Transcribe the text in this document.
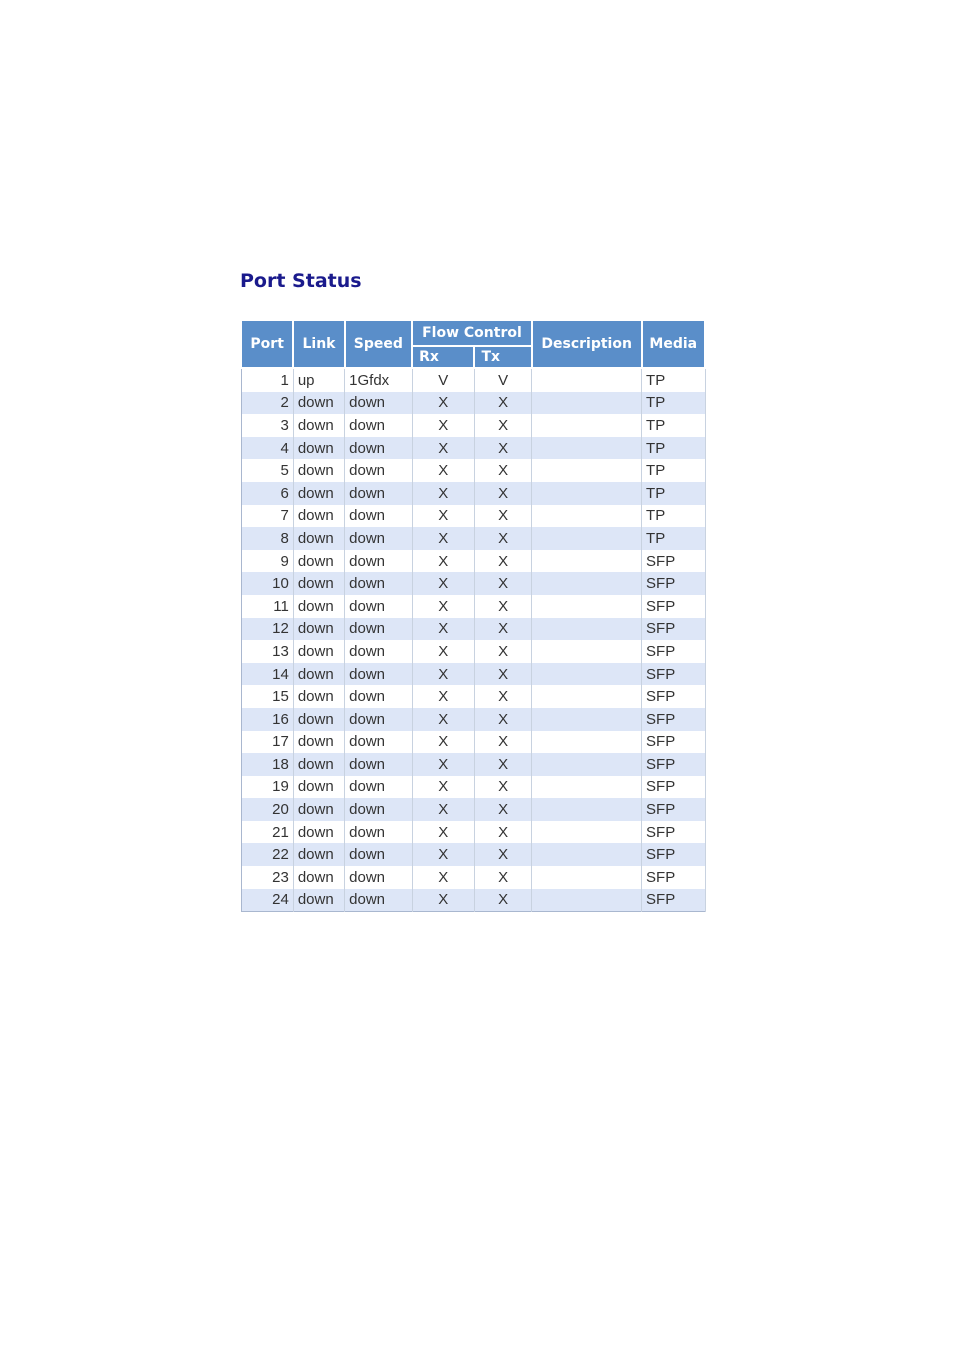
Port Status
Port	Link	Speed	Flow Control		Description	Media
			Rx	Tx		
1	up	1Gfdx	V	V		TP
2	down	down	X	X		TP
3	down	down	X	X		TP
4	down	down	X	X		TP
5	down	down	X	X		TP
6	down	down	X	X		TP
7	down	down	X	X		TP
8	down	down	X	X		TP
9	down	down	X	X		SFP
10	down	down	X	X		SFP
11	down	down	X	X		SFP
12	down	down	X	X		SFP
13	down	down	X	X		SFP
14	down	down	X	X		SFP
15	down	down	X	X		SFP
16	down	down	X	X		SFP
17	down	down	X	X		SFP
18	down	down	X	X		SFP
19	down	down	X	X		SFP
20	down	down	X	X		SFP
21	down	down	X	X		SFP
22	down	down	X	X		SFP
23	down	down	X	X		SFP
24	down	down	X	X		SFP
